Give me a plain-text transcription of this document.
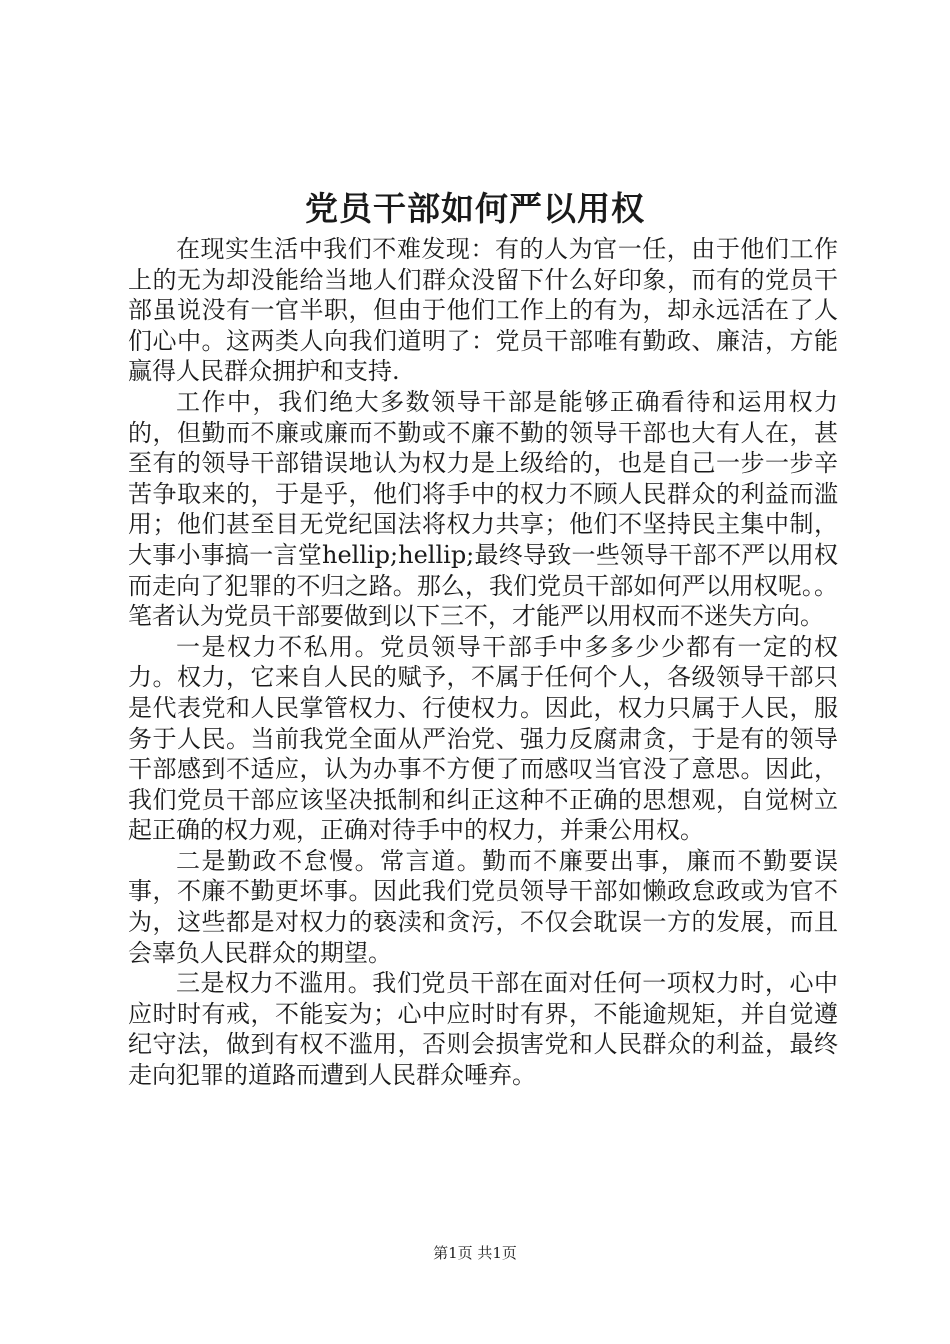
党员干部如何严以用权

在现实生活中我们不难发现：有的人为官一任，由于他们工作上的无为却没能给当地人们群众没留下什么好印象，而有的党员干部虽说没有一官半职，但由于他们工作上的有为，却永远活在了人们心中。这两类人向我们道明了：党员干部唯有勤政、廉洁，方能赢得人民群众拥护和支持.

工作中，我们绝大多数领导干部是能够正确看待和运用权力的，但勤而不廉或廉而不勤或不廉不勤的领导干部也大有人在，甚至有的领导干部错误地认为权力是上级给的，也是自己一步一步辛苦争取来的，于是乎，他们将手中的权力不顾人民群众的利益而滥用；他们甚至目无党纪国法将权力共享；他们不坚持民主集中制，大事小事搞一言堂hellip;hellip;最终导致一些领导干部不严以用权而走向了犯罪的不归之路。那么，我们党员干部如何严以用权呢。。笔者认为党员干部要做到以下三不，才能严以用权而不迷失方向。

一是权力不私用。党员领导干部手中多多少少都有一定的权力。权力，它来自人民的赋予，不属于任何个人，各级领导干部只是代表党和人民掌管权力、行使权力。因此，权力只属于人民，服务于人民。当前我党全面从严治党、强力反腐肃贪，于是有的领导干部感到不适应，认为办事不方便了而感叹当官没了意思。因此，我们党员干部应该坚决抵制和纠正这种不正确的思想观，自觉树立起正确的权力观，正确对待手中的权力，并秉公用权。

二是勤政不怠慢。常言道。勤而不廉要出事，廉而不勤要误事，不廉不勤更坏事。因此我们党员领导干部如懒政怠政或为官不为，这些都是对权力的亵渎和贪污，不仅会耽误一方的发展，而且会辜负人民群众的期望。

三是权力不滥用。我们党员干部在面对任何一项权力时，心中应时时有戒，不能妄为；心中应时时有界，不能逾规矩，并自觉遵纪守法，做到有权不滥用，否则会损害党和人民群众的利益，最终走向犯罪的道路而遭到人民群众唾弃。

第1页 共1页
